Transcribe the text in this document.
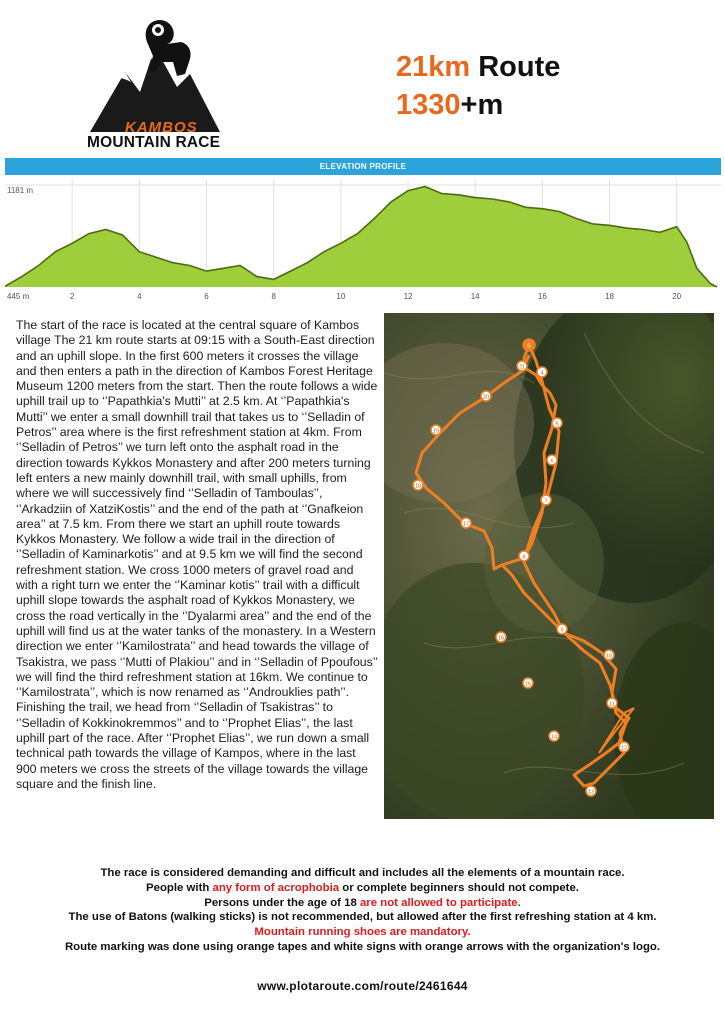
KAMBOS
MOUNTAIN RACE
21km Route
1330+m
ELEVATION PROFILE
2	4	6	8	10	12	14	16	18	20
1181 m
445 m
The start of the race is located at the central square of Kambos village The 21 km route starts at 09:15 with a South-East direction and an uphill slope. In the first 600 meters it crosses the village and then enters a path in the direction of Kambos Forest Heritage Museum 1200 meters from the start. Then the route follows a wide uphill trail up to ‘’Papathkia's Mutti’’ at 2.5 km. At ‘’Papathkia's Mutti’’ we enter a small downhill trail that takes us to ‘’Selladin of Petros’’ area where is the first refreshment station at 4km. From ‘’Selladin of Petros’’ we turn left onto the asphalt road in the direction towards Kykkos Monastery and after 200 meters turning left enters a new mainly downhill trail, with small uphills, from where we will successively find ‘’Selladin of Tamboulas’’, ‘’Arkadziin of XatziKostis’’ and the end of the path at ‘’Gnafkeion area’’ at 7.5 km. From there we start an uphill route towards Kykkos Monastery. We follow a wide trail in the direction of ‘’Selladin of Kaminarkotis’’ and at 9.5 km we will find the second refreshment station. We cross 1000 meters of gravel road and with a right turn we enter the ‘’Kaminar kotis’’ trail with a difficult uphill slope towards the asphalt road of Kykkos Monastery, we cross the road vertically in the ‘’Dyalarmi area’’ and the end of the uphill will find us at the water tanks of the monastery. In a Western direction we enter ‘’Kamilostrata’’ and head towards the village of Tsakistra, we pass ‘’Mutti of Plakiou’’ and in ‘’Selladin of Ppoufous’’ we will find the third refreshment station at 16km. We continue to ‘’Kamilostrata’’, which is now renamed as ‘’Androuklies path’’. Finishing the trail, we head from ‘’Selladin of Tsakistras’’ to ‘’Selladin of Kokkinokremmos’’ and to ‘’Prophet Elias’’, the last uphill part of the race. After ‘’Prophet Elias’’, we run down a small technical path towards the village of Kampos, where in the last 900 meters we cross the streets of the village towards the village square and the finish line.
S
21
20
19
18
17
16
15
14
13
12
11
10
9
8
7
6
5
4
The race is considered demanding and difficult and includes all the elements of a mountain race.
People with any form of acrophobia or complete beginners should not compete.
Persons under the age of 18 are not allowed to participate.
The use of Batons (walking sticks) is not recommended, but allowed after the first refreshing station at 4 km.
Mountain running shoes are mandatory.
Route marking was done using orange tapes and white signs with orange arrows with the organization's logo.
www.plotaroute.com/route/2461644
